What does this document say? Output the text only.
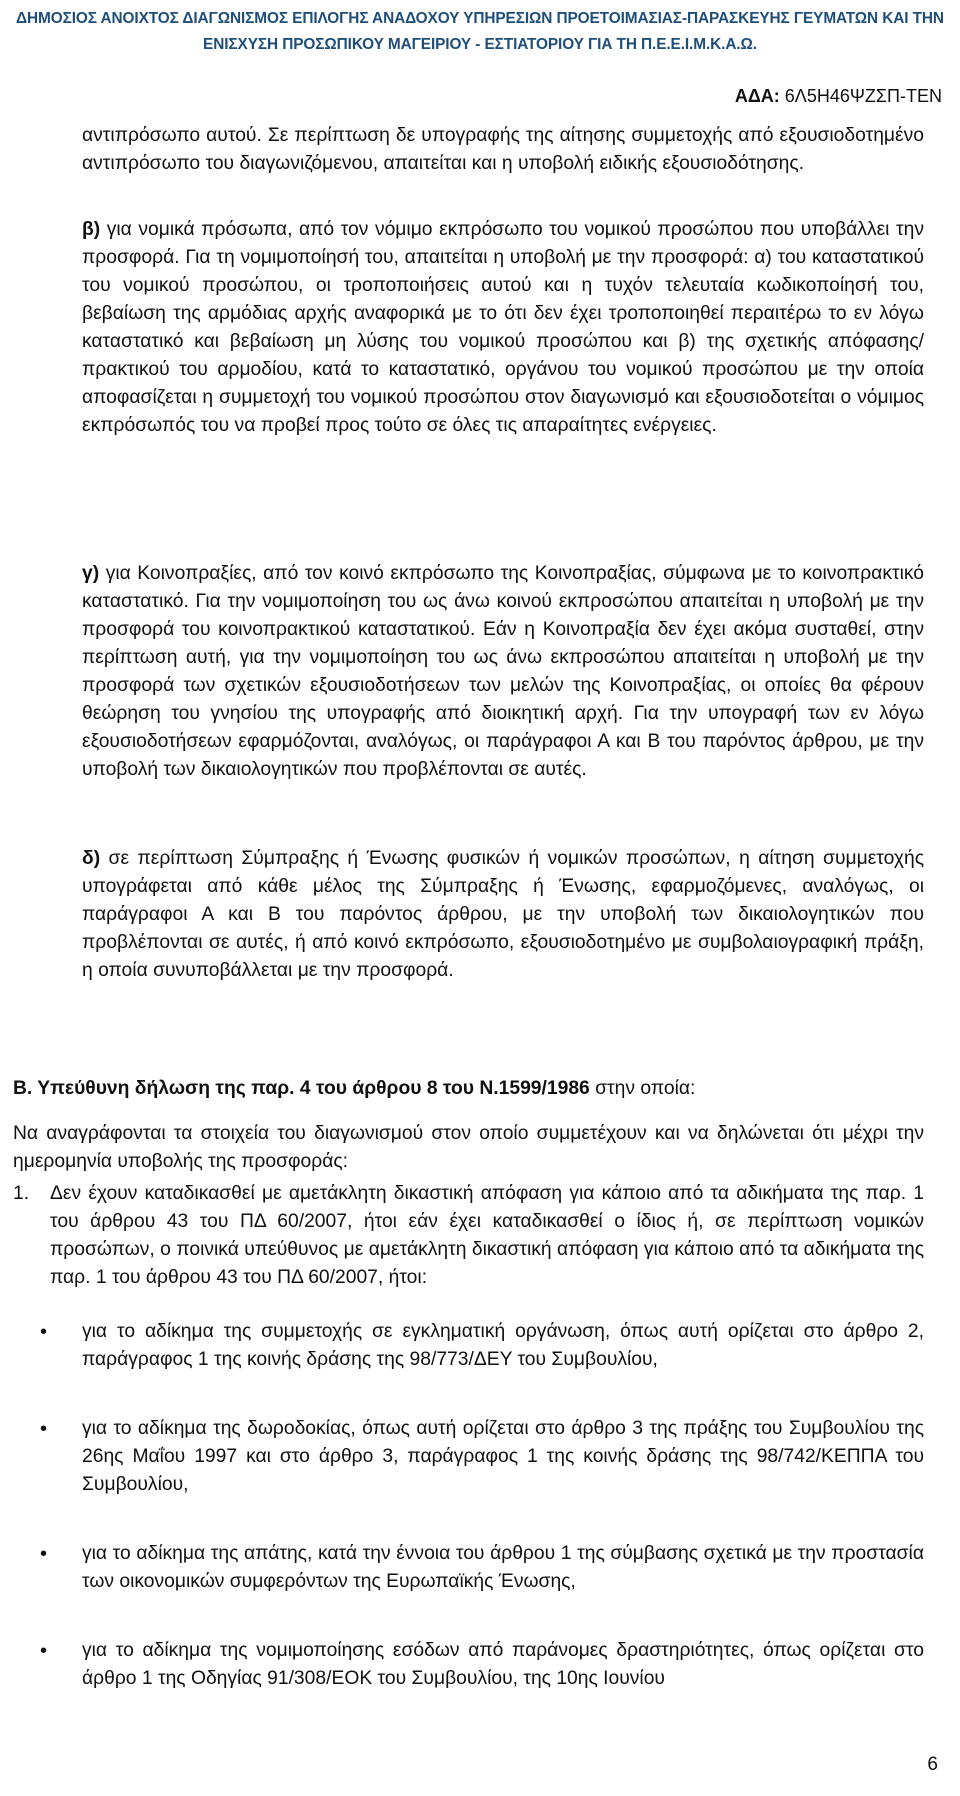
ΔΗΜΟΣΙΟΣ ΑΝΟΙΧΤΟΣ ΔΙΑΓΩΝΙΣΜΟΣ ΕΠΙΛΟΓΗΣ ΑΝΑΔΟΧΟΥ ΥΠΗΡΕΣΙΩΝ ΠΡΟΕΤΟΙΜΑΣΙΑΣ-ΠΑΡΑΣΚΕΥΗΣ ΓΕΥΜΑΤΩΝ ΚΑΙ ΤΗΝ
ΕΝΙΣΧΥΣΗ ΠΡΟΣΩΠΙΚΟΥ ΜΑΓΕΙΡΙΟΥ - ΕΣΤΙΑΤΟΡΙΟΥ ΓΙΑ ΤΗ Π.Ε.Ε.Ι.Μ.Κ.Α.Ω.
ΑΔΑ: 6Λ5Η46ΨΖΣΠ-ΤΕΝ
αντιπρόσωπο αυτού. Σε περίπτωση δε υπογραφής της αίτησης συμμετοχής από εξουσιοδοτημένο αντιπρόσωπο του διαγωνιζόμενου, απαιτείται και η υποβολή ειδικής εξουσιοδότησης.
β) για νομικά πρόσωπα, από τον νόμιμο εκπρόσωπο του νομικού προσώπου που υποβάλλει την προσφορά. Για τη νομιμοποίησή του, απαιτείται η υποβολή με την προσφορά: α) του καταστατικού του νομικού προσώπου, οι τροποποιήσεις αυτού και η τυχόν τελευταία κωδικοποίησή του, βεβαίωση της αρμόδιας αρχής αναφορικά με το ότι δεν έχει τροποποιηθεί περαιτέρω το εν λόγω καταστατικό και βεβαίωση μη λύσης του νομικού προσώπου και β) της σχετικής απόφασης/ πρακτικού του αρμοδίου, κατά το καταστατικό, οργάνου του νομικού προσώπου με την οποία αποφασίζεται η συμμετοχή του νομικού προσώπου στον διαγωνισμό και εξουσιοδοτείται ο νόμιμος εκπρόσωπός του να προβεί προς τούτο σε όλες τις απαραίτητες ενέργειες.
γ) για Κοινοπραξίες, από τον κοινό εκπρόσωπο της Κοινοπραξίας, σύμφωνα με το κοινοπρακτικό καταστατικό. Για την νομιμοποίηση του ως άνω κοινού εκπροσώπου απαιτείται η υποβολή με την προσφορά του κοινοπρακτικού καταστατικού. Εάν η Κοινοπραξία δεν έχει ακόμα συσταθεί, στην περίπτωση αυτή, για την νομιμοποίηση του ως άνω εκπροσώπου απαιτείται η υποβολή με την προσφορά των σχετικών εξουσιοδοτήσεων των μελών της Κοινοπραξίας, οι οποίες θα φέρουν θεώρηση του γνησίου της υπογραφής από διοικητική αρχή. Για την υπογραφή των εν λόγω εξουσιοδοτήσεων εφαρμόζονται, αναλόγως, οι παράγραφοι Α και Β του παρόντος άρθρου, με την υποβολή των δικαιολογητικών που προβλέπονται σε αυτές.
δ) σε περίπτωση Σύμπραξης ή Ένωσης φυσικών ή νομικών προσώπων, η αίτηση συμμετοχής υπογράφεται από κάθε μέλος της Σύμπραξης ή Ένωσης, εφαρμοζόμενες, αναλόγως, οι παράγραφοι Α και Β του παρόντος άρθρου, με την υποβολή των δικαιολογητικών που προβλέπονται σε αυτές, ή από κοινό εκπρόσωπο, εξουσιοδοτημένο με συμβολαιογραφική πράξη, η οποία συνυποβάλλεται με την προσφορά.
Β. Υπεύθυνη δήλωση της παρ. 4 του άρθρου 8 του Ν.1599/1986 στην οποία:
Να αναγράφονται τα στοιχεία του διαγωνισμού στον οποίο συμμετέχουν και να δηλώνεται ότι μέχρι την ημερομηνία υποβολής της προσφοράς:
1. Δεν έχουν καταδικασθεί με αμετάκλητη δικαστική απόφαση για κάποιο από τα αδικήματα της παρ. 1 του άρθρου 43 του ΠΔ 60/2007, ήτοι εάν έχει καταδικασθεί ο ίδιος ή, σε περίπτωση νομικών προσώπων, ο ποινικά υπεύθυνος με αμετάκλητη δικαστική απόφαση για κάποιο από τα αδικήματα της παρ. 1 του άρθρου 43 του ΠΔ 60/2007, ήτοι:
• για το αδίκημα της συμμετοχής σε εγκληματική οργάνωση, όπως αυτή ορίζεται στο άρθρο 2, παράγραφος 1 της κοινής δράσης της 98/773/ΔΕΥ του Συμβουλίου,
• για το αδίκημα της δωροδοκίας, όπως αυτή ορίζεται στο άρθρο 3 της πράξης του Συμβουλίου της 26ης Μαΐου 1997 και στο άρθρο 3, παράγραφος 1 της κοινής δράσης της 98/742/ΚΕΠΠΑ του Συμβουλίου,
• για το αδίκημα της απάτης, κατά την έννοια του άρθρου 1 της σύμβασης σχετικά με την προστασία των οικονομικών συμφερόντων της Ευρωπαϊκής Ένωσης,
• για το αδίκημα της νομιμοποίησης εσόδων από παράνομες δραστηριότητες, όπως ορίζεται στο άρθρο 1 της Οδηγίας 91/308/ΕΟΚ του Συμβουλίου, της 10ης Ιουνίου
6
